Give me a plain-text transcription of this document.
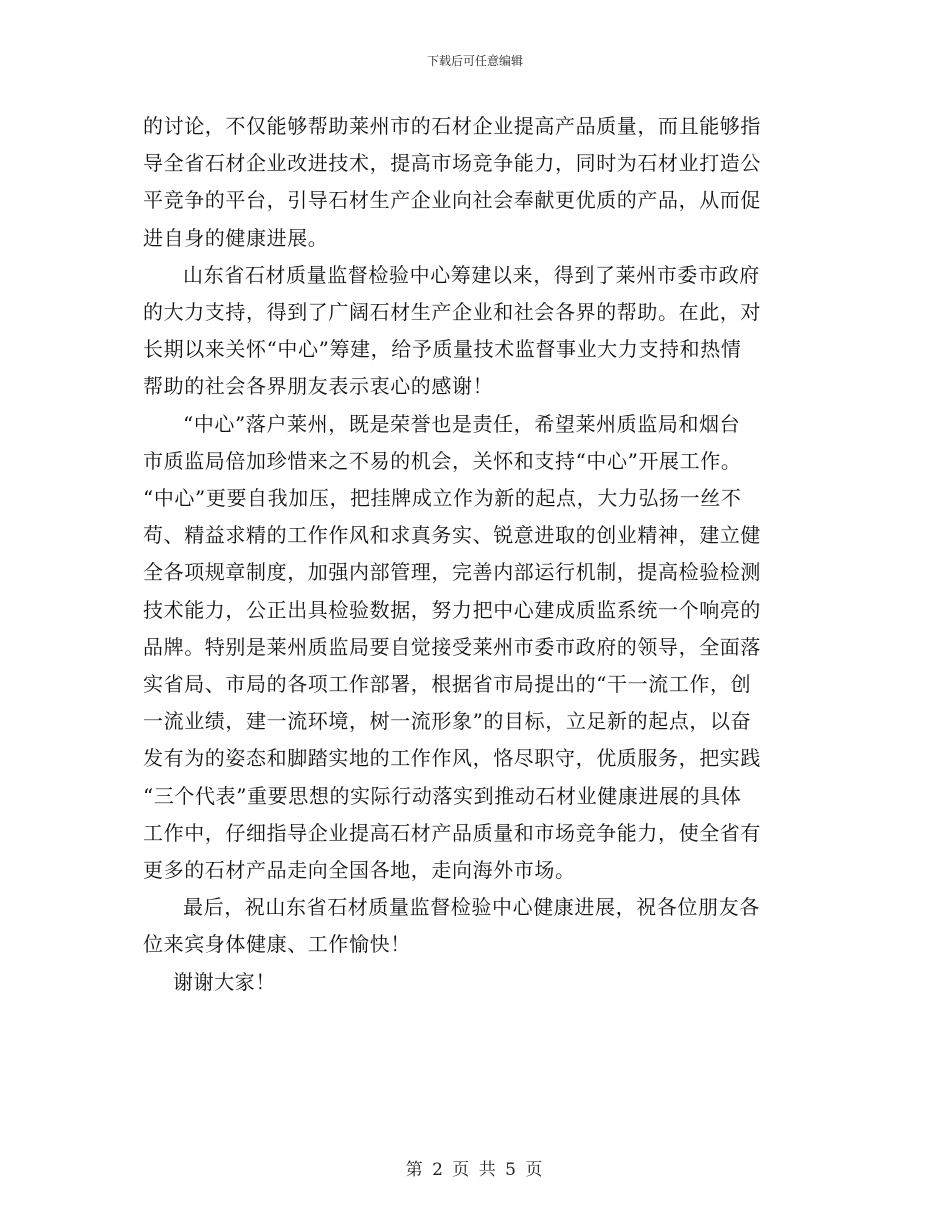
下载后可任意编辑

的讨论，不仅能够帮助莱州市的石材企业提高产品质量，而且能够指
导全省石材企业改进技术，提高市场竞争能力，同时为石材业打造公
平竞争的平台，引导石材生产企业向社会奉献更优质的产品，从而促
进自身的健康进展。

山东省石材质量监督检验中心筹建以来，得到了莱州市委市政府
的大力支持，得到了广阔石材生产企业和社会各界的帮助。在此，对
长期以来关怀“中心”筹建，给予质量技术监督事业大力支持和热情
帮助的社会各界朋友表示衷心的感谢！

“中心”落户莱州，既是荣誉也是责任，希望莱州质监局和烟台
市质监局倍加珍惜来之不易的机会，关怀和支持“中心”开展工作。
“中心”更要自我加压，把挂牌成立作为新的起点，大力弘扬一丝不
苟、精益求精的工作作风和求真务实、锐意进取的创业精神，建立健
全各项规章制度，加强内部管理，完善内部运行机制，提高检验检测
技术能力，公正出具检验数据，努力把中心建成质监系统一个响亮的
品牌。特别是莱州质监局要自觉接受莱州市委市政府的领导，全面落
实省局、市局的各项工作部署，根据省市局提出的“干一流工作，创
一流业绩，建一流环境，树一流形象”的目标，立足新的起点，以奋
发有为的姿态和脚踏实地的工作作风，恪尽职守，优质服务，把实践
“三个代表”重要思想的实际行动落实到推动石材业健康进展的具体
工作中，仔细指导企业提高石材产品质量和市场竞争能力，使全省有
更多的石材产品走向全国各地，走向海外市场。

最后，祝山东省石材质量监督检验中心健康进展，祝各位朋友各
位来宾身体健康、工作愉快！

谢谢大家！

第 2 页 共 5 页
